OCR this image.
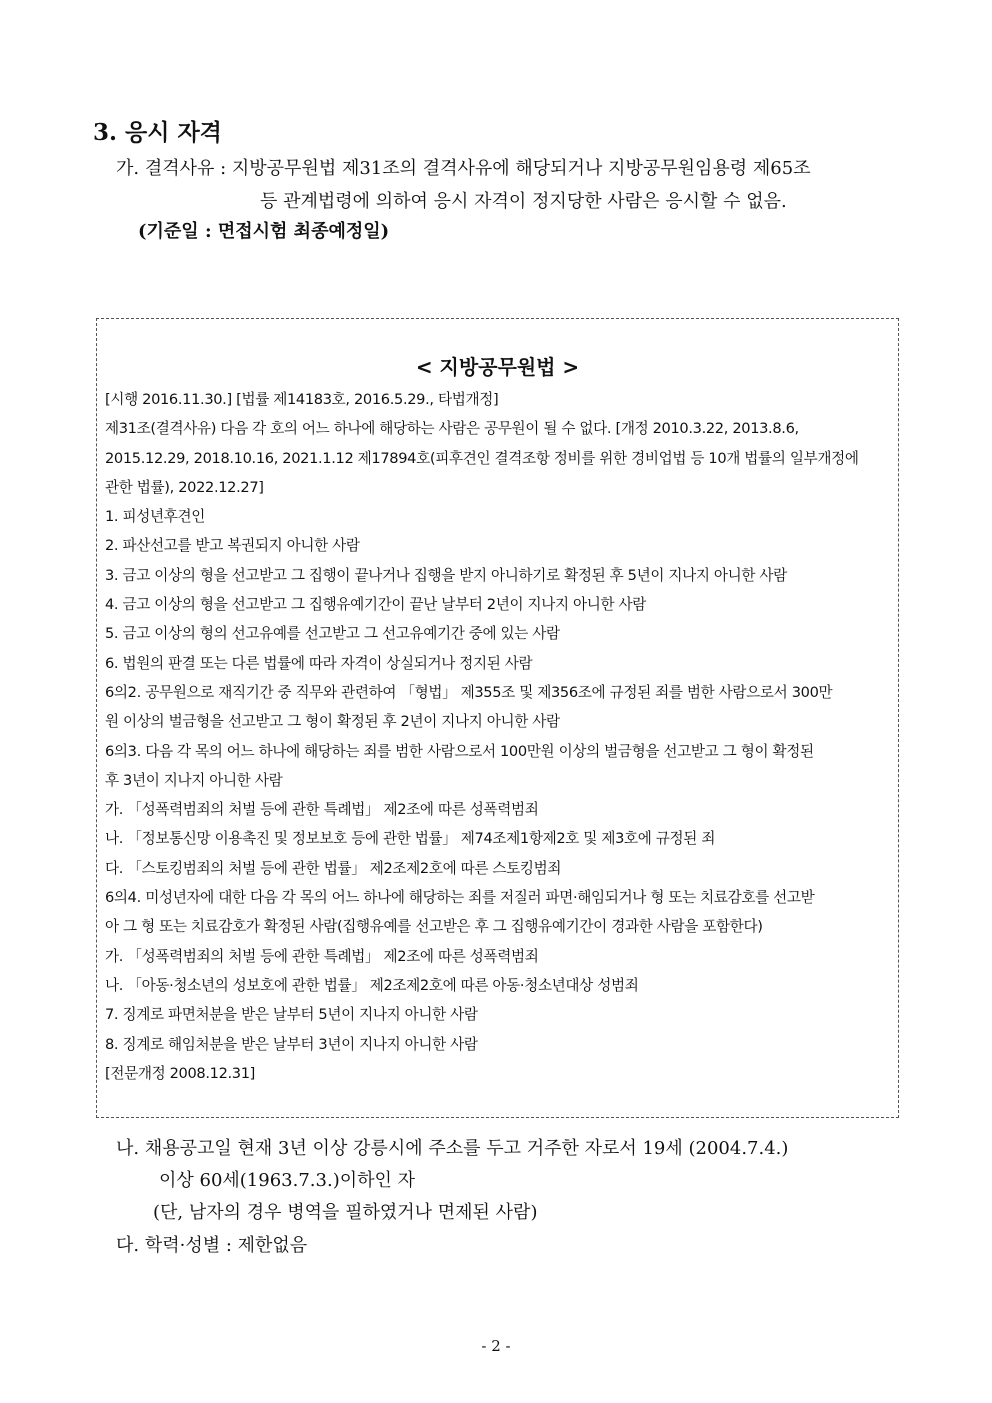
3. 응시 자격

가. 결격사유 : 지방공무원법 제31조의 결격사유에 해당되거나 지방공무원임용령 제65조

등 관계법령에 의하여 응시 자격이 정지당한 사람은 응시할 수 없음.

(기준일 : 면접시험 최종예정일)

< 지방공무원법 >

[시행 2016.11.30.] [법률 제14183호, 2016.5.29., 타법개정]
제31조(결격사유) 다음 각 호의 어느 하나에 해당하는 사람은 공무원이 될 수 없다. [개정 2010.3.22, 2013.8.6,
2015.12.29, 2018.10.16, 2021.1.12 제17894호(피후견인 결격조항 정비를 위한 경비업법 등 10개 법률의 일부개정에
관한 법률), 2022.12.27]
1. 피성년후견인
2. 파산선고를 받고 복권되지 아니한 사람
3. 금고 이상의 형을 선고받고 그 집행이 끝나거나 집행을 받지 아니하기로 확정된 후 5년이 지나지 아니한 사람
4. 금고 이상의 형을 선고받고 그 집행유예기간이 끝난 날부터 2년이 지나지 아니한 사람
5. 금고 이상의 형의 선고유예를 선고받고 그 선고유예기간 중에 있는 사람
6. 법원의 판결 또는 다른 법률에 따라 자격이 상실되거나 정지된 사람
6의2. 공무원으로 재직기간 중 직무와 관련하여 「형법」 제355조 및 제356조에 규정된 죄를 범한 사람으로서 300만
원 이상의 벌금형을 선고받고 그 형이 확정된 후 2년이 지나지 아니한 사람
6의3. 다음 각 목의 어느 하나에 해당하는 죄를 범한 사람으로서 100만원 이상의 벌금형을 선고받고 그 형이 확정된
후 3년이 지나지 아니한 사람
가. 「성폭력범죄의 처벌 등에 관한 특례법」 제2조에 따른 성폭력범죄
나. 「정보통신망 이용촉진 및 정보보호 등에 관한 법률」 제74조제1항제2호 및 제3호에 규정된 죄
다. 「스토킹범죄의 처벌 등에 관한 법률」 제2조제2호에 따른 스토킹범죄
6의4. 미성년자에 대한 다음 각 목의 어느 하나에 해당하는 죄를 저질러 파면·해임되거나 형 또는 치료감호를 선고받
아 그 형 또는 치료감호가 확정된 사람(집행유예를 선고받은 후 그 집행유예기간이 경과한 사람을 포함한다)
가. 「성폭력범죄의 처벌 등에 관한 특례법」 제2조에 따른 성폭력범죄
나. 「아동·청소년의 성보호에 관한 법률」 제2조제2호에 따른 아동·청소년대상 성범죄
7. 징계로 파면처분을 받은 날부터 5년이 지나지 아니한 사람
8. 징계로 해임처분을 받은 날부터 3년이 지나지 아니한 사람
[전문개정 2008.12.31]

나. 채용공고일 현재 3년 이상 강릉시에 주소를 두고 거주한 자로서 19세 (2004.7.4.)

이상 60세(1963.7.3.)이하인 자

(단, 남자의 경우 병역을 필하였거나 면제된 사람)

다. 학력·성별 : 제한없음

- 2 -
